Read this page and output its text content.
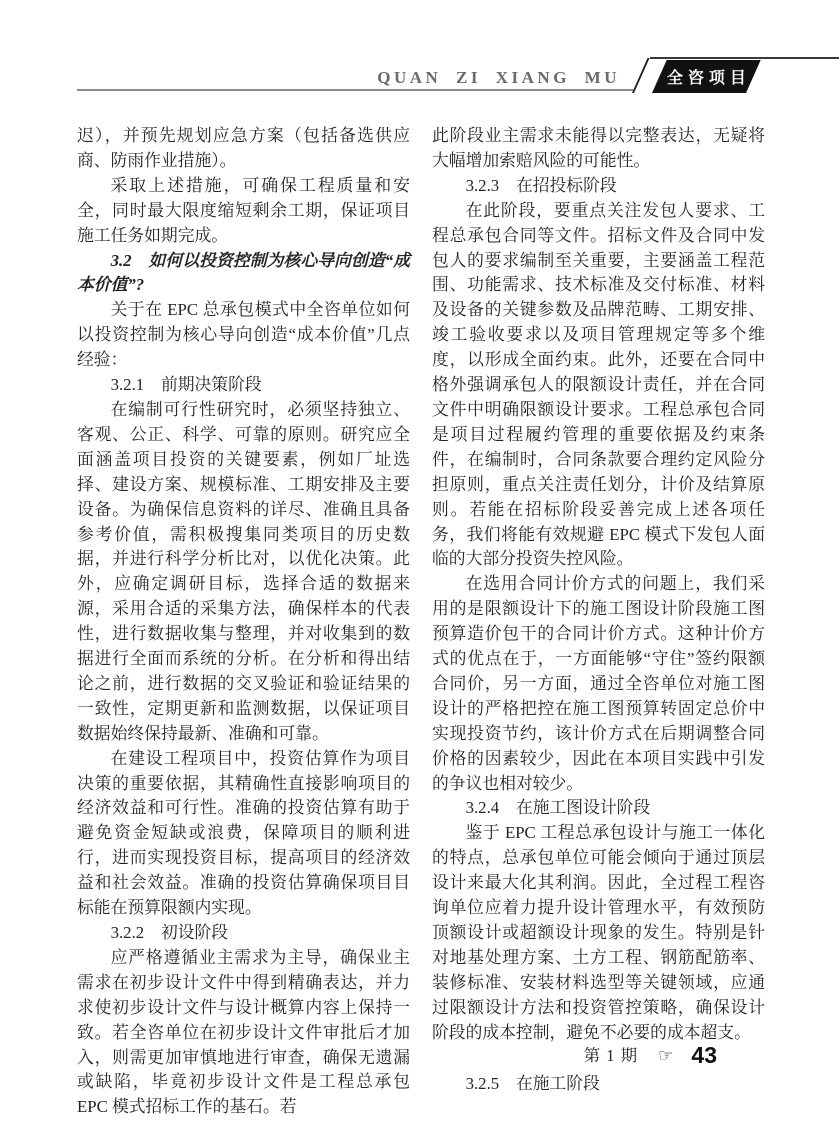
QUAN ZI XIANG MU	全咨项目

迟），并预先规划应急方案（包括备选供应商、防雨作业措施）。

采取上述措施，可确保工程质量和安全，同时最大限度缩短剩余工期，保证项目施工任务如期完成。

3.2　如何以投资控制为核心导向创造“成本价值”?

关于在 EPC 总承包模式中全咨单位如何以投资控制为核心导向创造“成本价值”几点经验：

3.2.1　前期决策阶段

在编制可行性研究时，必须坚持独立、客观、公正、科学、可靠的原则。研究应全面涵盖项目投资的关键要素，例如厂址选择、建设方案、规模标准、工期安排及主要设备。为确保信息资料的详尽、准确且具备参考价值，需积极搜集同类项目的历史数据，并进行科学分析比对，以优化决策。此外，应确定调研目标，选择合适的数据来源，采用合适的采集方法，确保样本的代表性，进行数据收集与整理，并对收集到的数据进行全面而系统的分析。在分析和得出结论之前，进行数据的交叉验证和验证结果的一致性，定期更新和监测数据，以保证项目数据始终保持最新、准确和可靠。

在建设工程项目中，投资估算作为项目决策的重要依据，其精确性直接影响项目的经济效益和可行性。准确的投资估算有助于避免资金短缺或浪费，保障项目的顺利进行，进而实现投资目标，提高项目的经济效益和社会效益。准确的投资估算确保项目目标能在预算限额内实现。

3.2.2　初设阶段

应严格遵循业主需求为主导，确保业主需求在初步设计文件中得到精确表达，并力求使初步设计文件与设计概算内容上保持一致。若全咨单位在初步设计文件审批后才加入，则需更加审慎地进行审查，确保无遗漏或缺陷，毕竟初步设计文件是工程总承包 EPC 模式招标工作的基石。若

此阶段业主需求未能得以完整表达，无疑将大幅增加索赔风险的可能性。

3.2.3　在招投标阶段

在此阶段，要重点关注发包人要求、工程总承包合同等文件。招标文件及合同中发包人的要求编制至关重要，主要涵盖工程范围、功能需求、技术标准及交付标准、材料及设备的关键参数及品牌范畴、工期安排、竣工验收要求以及项目管理规定等多个维度，以形成全面约束。此外，还要在合同中格外强调承包人的限额设计责任，并在合同文件中明确限额设计要求。工程总承包合同是项目过程履约管理的重要依据及约束条件，在编制时，合同条款要合理约定风险分担原则，重点关注责任划分，计价及结算原则。若能在招标阶段妥善完成上述各项任务，我们将能有效规避 EPC 模式下发包人面临的大部分投资失控风险。

在选用合同计价方式的问题上，我们采用的是限额设计下的施工图设计阶段施工图预算造价包干的合同计价方式。这种计价方式的优点在于，一方面能够“守住”签约限额合同价，另一方面，通过全咨单位对施工图设计的严格把控在施工图预算转固定总价中实现投资节约，该计价方式在后期调整合同价格的因素较少，因此在本项目实践中引发的争议也相对较少。

3.2.4　在施工图设计阶段

鉴于 EPC 工程总承包设计与施工一体化的特点，总承包单位可能会倾向于通过顶层设计来最大化其利润。因此，全过程工程咨询单位应着力提升设计管理水平，有效预防顶额设计或超额设计现象的发生。特别是针对地基处理方案、土方工程、钢筋配筋率、装修标准、安装材料选型等关键领域，应通过限额设计方法和投资管控策略，确保设计阶段的成本控制，避免不必要的成本超支。

3.2.5　在施工阶段
第 1 期 ☞ 43
